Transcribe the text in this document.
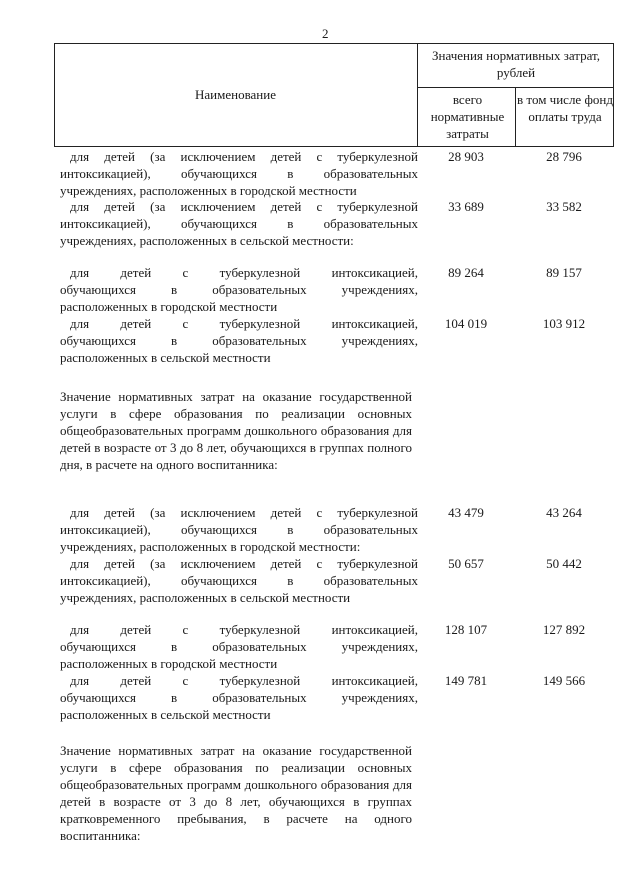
2
Наименование
Значения нормативных затрат, рублей
всего нормативные затраты
в том числе фонд оплаты труда
для детей (за исключением детей с туберкулезной
интоксикацией), обучающихся в образовательных
учреждениях, расположенных в городской местности
28 903	28 796
для детей (за исключением детей с туберкулезной
интоксикацией), обучающихся в образовательных
учреждениях, расположенных в сельской местности:
33 689	33 582
для детей с туберкулезной интоксикацией,
обучающихся в образовательных учреждениях,
расположенных в городской местности
89 264	89 157
для детей с туберкулезной интоксикацией,
обучающихся в образовательных учреждениях,
расположенных в сельской местности
104 019	103 912
для детей (за исключением детей с туберкулезной
интоксикацией), обучающихся в образовательных
учреждениях, расположенных в городской местности:
43 479	43 264
для детей (за исключением детей с туберкулезной
интоксикацией), обучающихся в образовательных
учреждениях, расположенных в сельской местности
50 657	50 442
для детей с туберкулезной интоксикацией,
обучающихся в образовательных учреждениях,
расположенных в городской местности
128 107	127 892
для детей с туберкулезной интоксикацией,
обучающихся в образовательных учреждениях,
расположенных в сельской местности
149 781	149 566
Значение нормативных затрат на оказание государственной услуги в сфере образования по реализации основных общеобразовательных программ дошкольного образования для детей в возрасте от 3 до 8 лет, обучающихся в группах полного дня, в расчете на одного воспитанника:
Значение нормативных затрат на оказание государственной услуги в сфере образования по реализации основных общеобразовательных программ дошкольного образования для детей в возрасте от 3 до 8 лет, обучающихся в группах кратковременного пребывания, в расчете на одного воспитанника:
